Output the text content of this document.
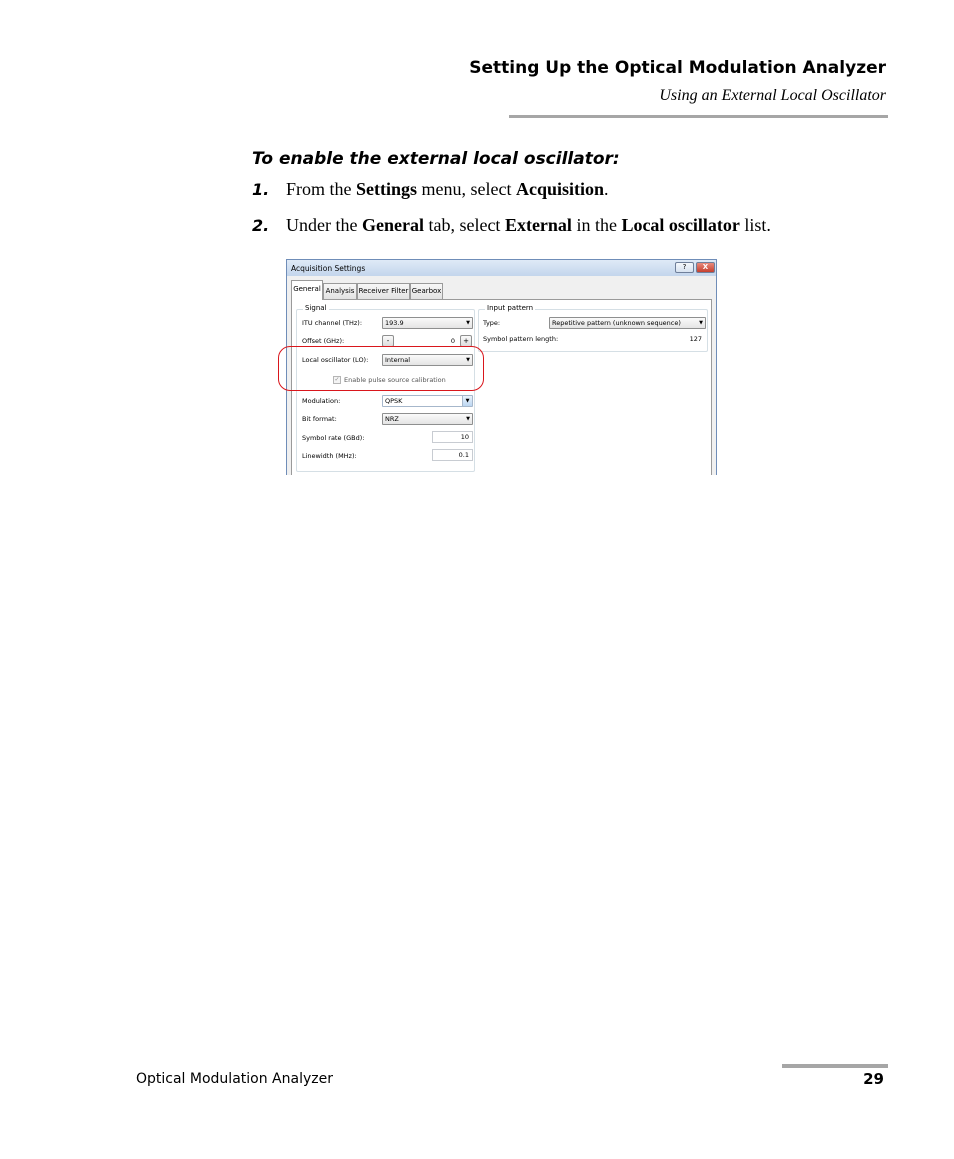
Setting Up the Optical Modulation Analyzer
Using an External Local Oscillator
To enable the external local oscillator:
1. From the Settings menu, select Acquisition.
2. Under the General tab, select External in the Local oscillator list.
Acquisition Settings	?	X
General Analysis Receiver Filter Gearbox
Signal
ITU channel (THz):	193.9	▼
Offset (GHz):	-	0	+
Local oscillator (LO):	Internal	▼
✓ Enable pulse source calibration
Modulation:	QPSK	▼
Bit format:	NRZ	▼
Symbol rate (GBd):	10
Linewidth (MHz):	0.1
Input pattern
Type:	Repetitive pattern (unknown sequence)	▼
Symbol pattern length:	127
Optical Modulation Analyzer	29
